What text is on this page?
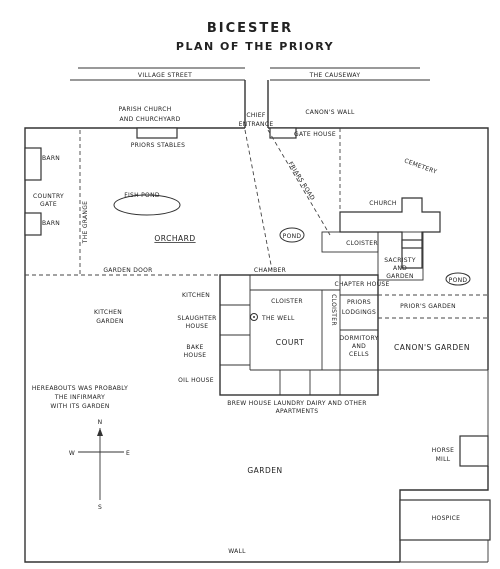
BICESTER
PLAN OF THE PRIORY
VILLAGE STREET	THE CAUSEWAY
PARISH CHURCH
AND CHURCHYARD
CHIEF
ENTRANCE
CANON'S WALL
PRIORS STABLES
GATE HOUSE
CEMETERY
BARN
COUNTRY
GATE
BARN	THE GRANGE
FISH POND
ORCHARD	POND
FRIARS ROAD
CHURCH
CLOISTER
SACRISTY
AND
GARDEN
POND
GARDEN DOOR	CHAMBER
CHAPTER HOUSE
CLOISTER	CLOISTER PRIORS
LODGINGS
DORMITORY
AND
CELLS
THE WELL
COURT
KITCHEN
SLAUGHTER
HOUSE
BAKE
HOUSE
OIL HOUSE
KITCHEN
GARDEN
PRIOR'S GARDEN
CANON'S GARDEN
BREW HOUSE LAUNDRY DAIRY AND OTHER
APARTMENTS
HEREABOUTS WAS PROBABLY
THE INFIRMARY
WITH ITS GARDEN
N
S
W	E	HORSE
MILL
GARDEN
HOSPICE
WALL
